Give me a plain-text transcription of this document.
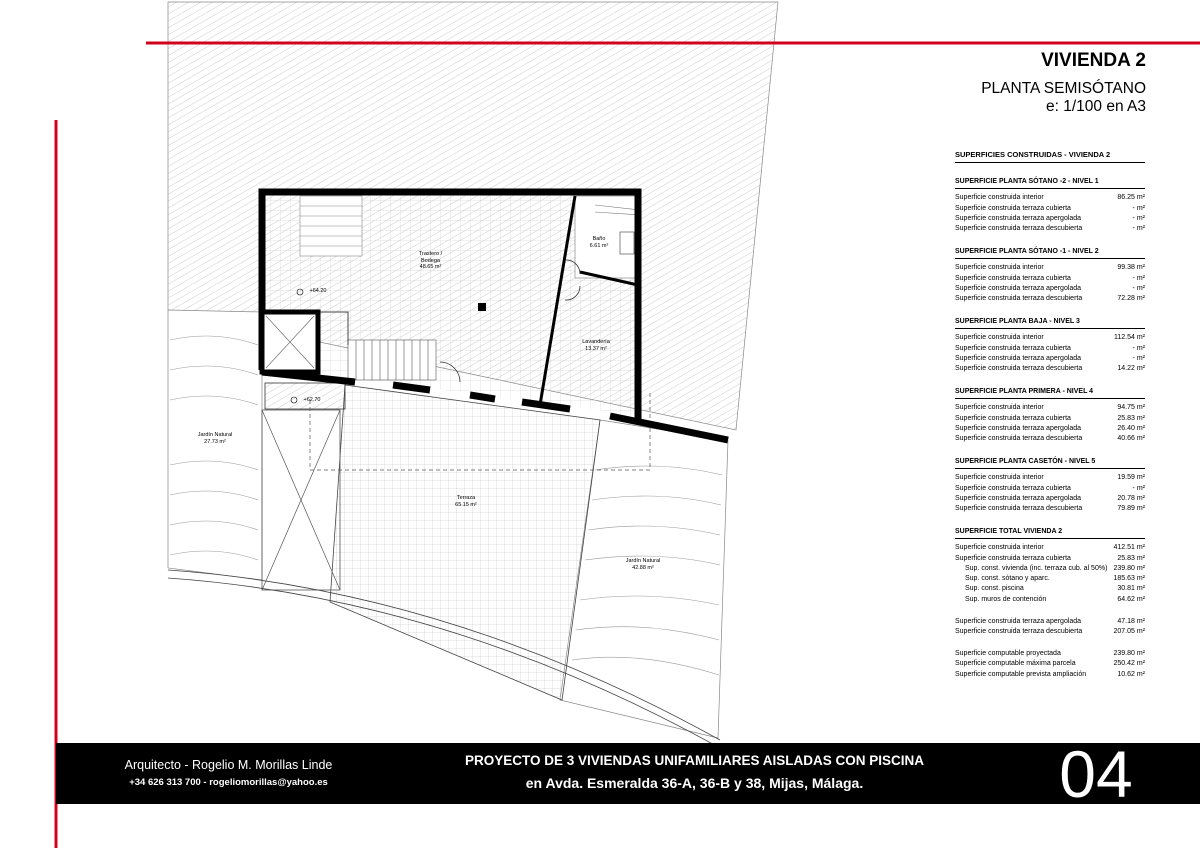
Trastero /
Bodega
48.65 m²
Baño
6.61 m²
Lavandería
13.37 m²
Terraza
65.15 m²
Jardín Natural
27.73 m²
Jardín Natural
42.88 m²
+64.20
+62.70
VIVIENDA 2
PLANTA SEMISÓTANO
e: 1/100 en A3
SUPERFICIES CONSTRUIDAS - VIVIENDA 2
SUPERFICIE PLANTA SÓTANO -2 - NIVEL 1
Superficie construida interior	86.25 m²
Superficie construida terraza cubierta	- m²
Superficie construida terraza apergolada	- m²
Superficie construida terraza descubierta	- m²
SUPERFICIE PLANTA SÓTANO -1 - NIVEL 2
Superficie construida interior	99.38 m²
Superficie construida terraza cubierta	- m²
Superficie construida terraza apergolada	- m²
Superficie construida terraza descubierta	72.28 m²
SUPERFICIE PLANTA BAJA - NIVEL 3
Superficie construida interior	112.54 m²
Superficie construida terraza cubierta	- m²
Superficie construida terraza apergolada	- m²
Superficie construida terraza descubierta	14.22 m²
SUPERFICIE PLANTA PRIMERA - NIVEL 4
Superficie construida interior	94.75 m²
Superficie construida terraza cubierta	25.83 m²
Superficie construida terraza apergolada	26.40 m²
Superficie construida terraza descubierta	40.66 m²
SUPERFICIE PLANTA CASETÓN - NIVEL 5
Superficie construida interior	19.59 m²
Superficie construida terraza cubierta	- m²
Superficie construida terraza apergolada	20.78 m²
Superficie construida terraza descubierta	79.89 m²
SUPERFICIE TOTAL VIVIENDA 2
Superficie construida interior	412.51 m²
Superficie construida terraza cubierta	25.83 m²
Sup. const. vivienda (inc. terraza cub. al 50%) 239.80 m²
Sup. const. sótano y aparc.	185.63 m²
Sup. const. piscina	30.81 m²
Sup. muros de contención	64.62 m²
Superficie construida terraza apergolada	47.18 m²
Superficie construida terraza descubierta	207.05 m²
Superficie computable proyectada	239.80 m²
Superficie computable máxima parcela	250.42 m²
Superficie computable prevista ampliación	10.62 m²
Arquitecto - Rogelio M. Morillas Linde
+34 626 313 700 - rogeliomorillas@yahoo.es
PROYECTO DE 3 VIVIENDAS UNIFAMILIARES AISLADAS CON PISCINA
en Avda. Esmeralda 36-A, 36-B y 38, Mijas, Málaga.	04
